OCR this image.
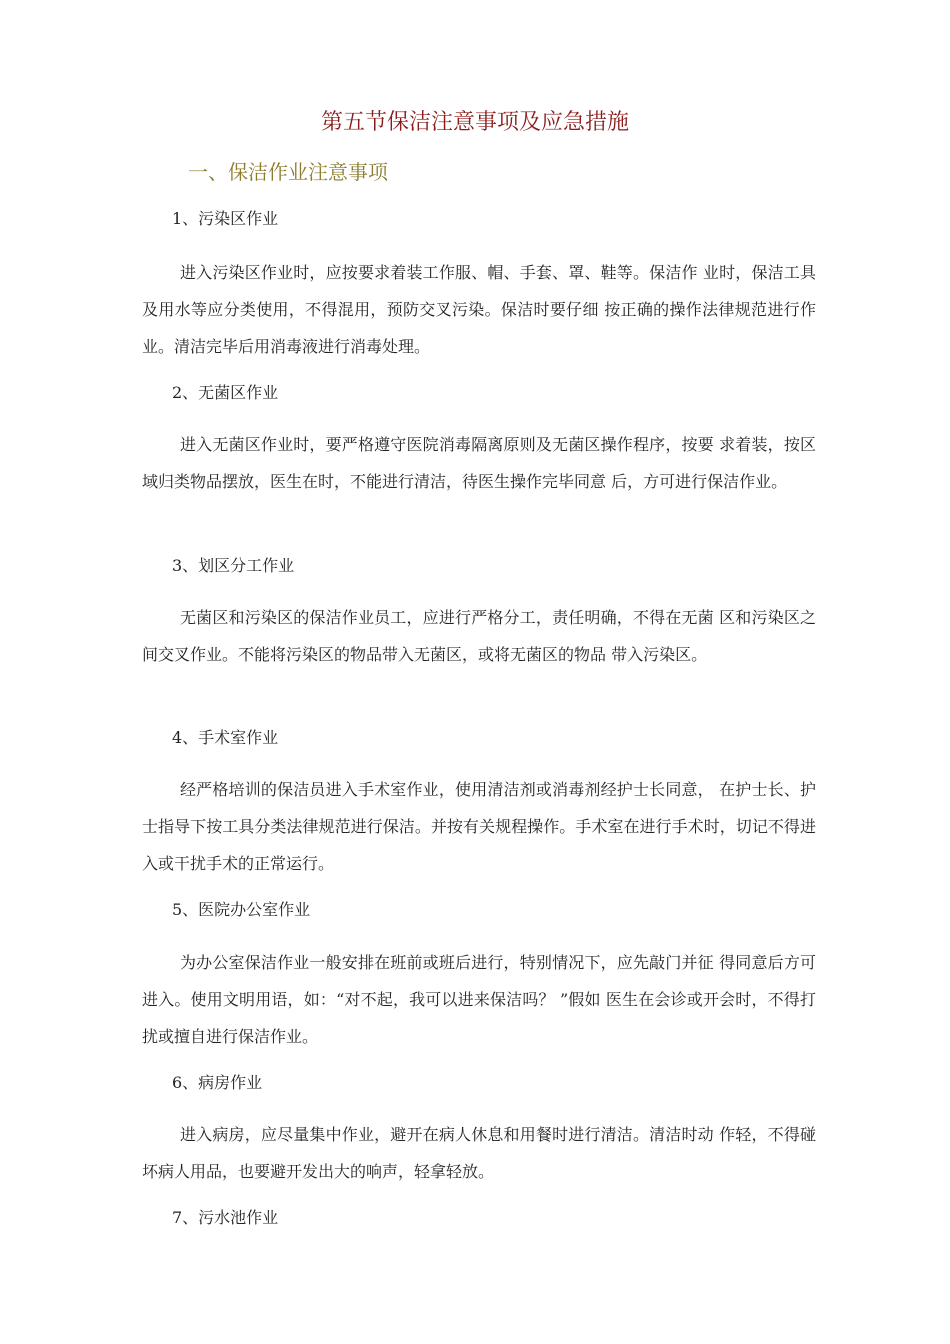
第五节保洁注意事项及应急措施
一、保洁作业注意事项
1、污染区作业

进入污染区作业时，应按要求着装工作服、帽、手套、罩、鞋等。保洁作 业时，保洁工具及用水等应分类使用，不得混用，预防交叉污染。保洁时要仔细 按正确的操作法律规范进行作业。清洁完毕后用消毒液进行消毒处理。

2、无菌区作业

进入无菌区作业时，要严格遵守医院消毒隔离原则及无菌区操作程序，按要 求着装，按区域归类物品摆放，医生在时，不能进行清洁，待医生操作完毕同意 后，方可进行保洁作业。

3、划区分工作业

无菌区和污染区的保洁作业员工，应进行严格分工，责任明确，不得在无菌 区和污染区之间交叉作业。不能将污染区的物品带入无菌区，或将无菌区的物品 带入污染区。

4、手术室作业

经严格培训的保洁员进入手术室作业，使用清洁剂或消毒剂经护士长同意， 在护士长、护士指导下按工具分类法律规范进行保洁。并按有关规程操作。手术室在进行手术时，切记不得进入或干扰手术的正常运行。

5、医院办公室作业

为办公室保洁作业一般安排在班前或班后进行，特别情况下，应先敲门并征 得同意后方可进入。使用文明用语，如：“对不起，我可以进来保洁吗？ ”假如 医生在会诊或开会时，不得打扰或擅自进行保洁作业。

6、病房作业

进入病房，应尽量集中作业，避开在病人休息和用餐时进行清洁。清洁时动 作轻，不得碰坏病人用品，也要避开发出大的响声，轻拿轻放。

7、污水池作业
